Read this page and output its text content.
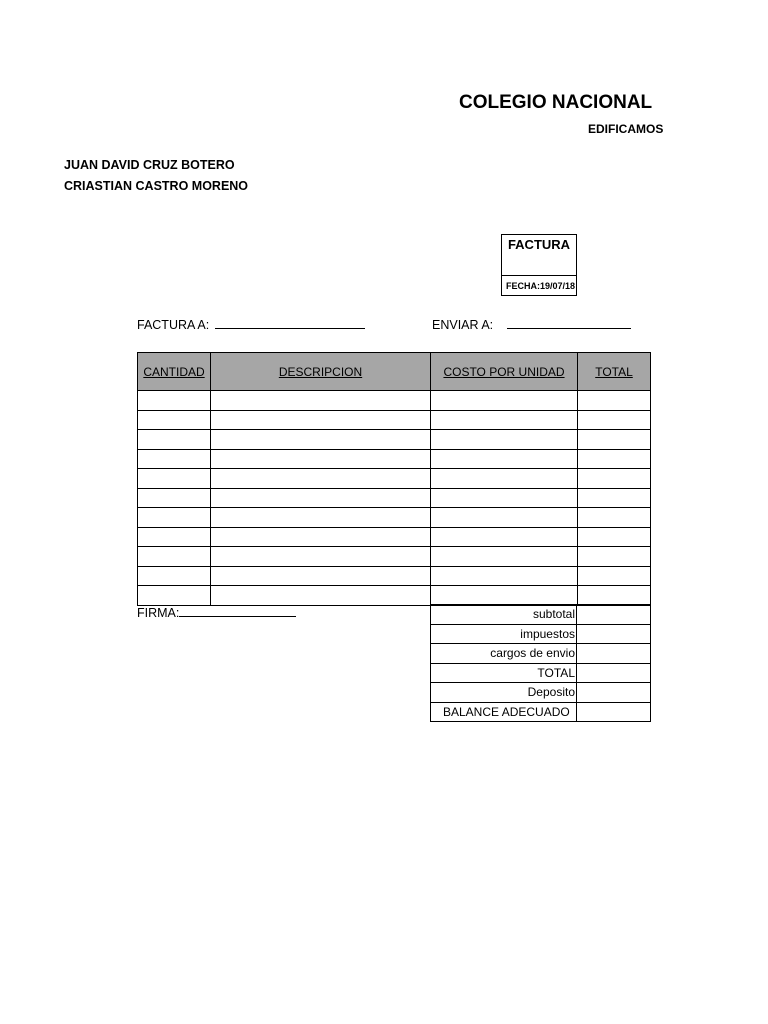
COLEGIO NACIONAL
EDIFICAMOS
JUAN DAVID CRUZ BOTERO
CRIASTIAN CASTRO MORENO
FACTURA
FECHA:19/07/18
FACTURA A:	ENVIAR A:
CANTIDAD	DESCRIPCION	COSTO POR UNIDAD	TOTAL

FIRMA:	subtotal	
impuestos	
cargos de envio	
TOTAL	
Deposito	
BALANCE ADECUADO	
